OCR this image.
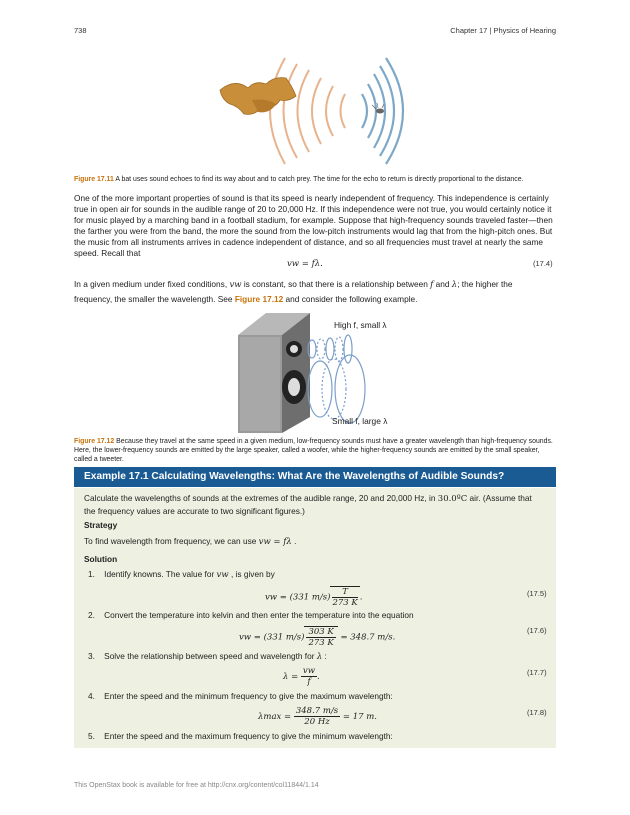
738	Chapter 17 | Physics of Hearing
Figure 17.11 A bat uses sound echoes to find its way about and to catch prey. The time for the echo to return is directly proportional to the distance.
One of the more important properties of sound is that its speed is nearly independent of frequency. This independence is certainly true in open air for sounds in the audible range of 20 to 20,000 Hz. If this independence were not true, you would certainly notice it for music played by a marching band in a football stadium, for example. Suppose that high-frequency sounds traveled faster—then the farther you were from the band, the more the sound from the low-pitch instruments would lag that from the high-pitch ones. But the music from all instruments arrives in cadence independent of distance, and so all frequencies must travel at nearly the same speed. Recall that
vw = fλ.	(17.4)
In a given medium under fixed conditions, vw is constant, so that there is a relationship between f and λ; the higher the
frequency, the smaller the wavelength. See Figure 17.12 and consider the following example.
High f, small λ
Small f, large λ
Figure 17.12 Because they travel at the same speed in a given medium, low-frequency sounds must have a greater wavelength than high-frequency sounds. Here, the lower-frequency sounds are emitted by the large speaker, called a woofer, while the higher-frequency sounds are emitted by the small speaker, called a tweeter.
Example 17.1 Calculating Wavelengths: What Are the Wavelengths of Audible Sounds?
Calculate the wavelengths of sounds at the extremes of the audible range, 20 and 20,000 Hz, in 30.0ºC air. (Assume that
the frequency values are accurate to two significant figures.)
Strategy
To find wavelength from frequency, we can use vw = fλ .
Solution
1. Identify knowns. The value for vw , is given by
vw = (331 $m/s) \frac{T}{273 K}$ .	(17.5)
2. Convert the temperature into kelvin and then enter the temperature into the equation
vw = (331 $m/s) \frac{303 K}{273 K} = 348.7$ m/s.
(17.6)
3. Solve the relationship between speed and wavelength for λ :
$\lambda = \frac{vw}{f}$ .	(17.7)
4. Enter the speed and the minimum frequency to give the maximum wavelength:
$\lambda\max = \frac{348.7 m/s}{20 Hz} = 17$ m.	(17.8)
5. Enter the speed and the maximum frequency to give the minimum wavelength:
This OpenStax book is available for free at http://cnx.org/content/col11844/1.14
